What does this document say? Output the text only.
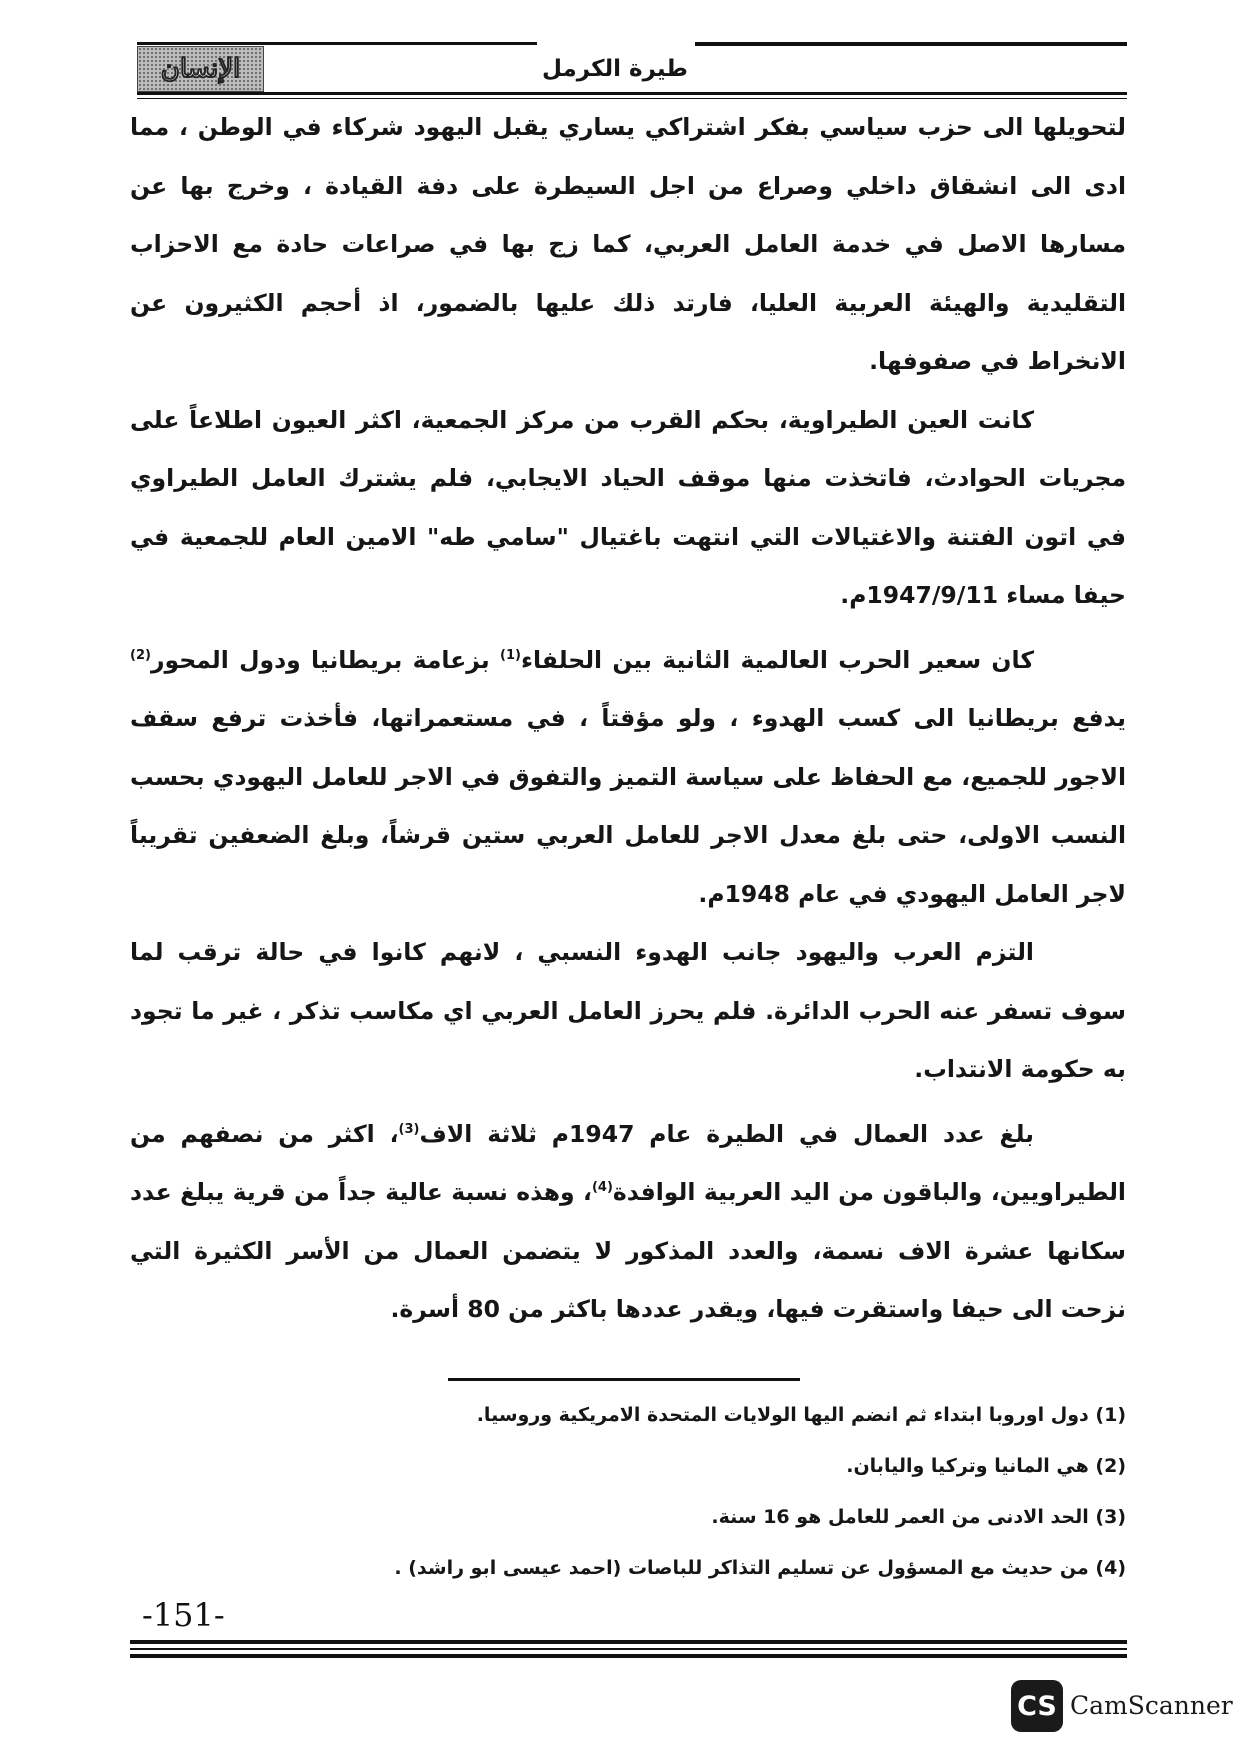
الإنسان	طيرة الكرمل

لتحويلها الى حزب سياسي بفكر اشتراكي يساري يقبل اليهود شركاء في الوطن ، مما ادى الى انشقاق داخلي وصراع من اجل السيطرة على دفة القيادة ، وخرج بها عن مسارها الاصل في خدمة العامل العربي، كما زج بها في صراعات حادة مع الاحزاب التقليدية والهيئة العربية العليا، فارتد ذلك عليها بالضمور، اذ أحجم الكثيرون عن الانخراط في صفوفها.

كانت العين الطيراوية، بحكم القرب من مركز الجمعية، اكثر العيون اطلاعاً على مجريات الحوادث، فاتخذت منها موقف الحياد الايجابي، فلم يشترك العامل الطيراوي في اتون الفتنة والاغتيالات التي انتهت باغتيال "سامي طه" الامين العام للجمعية في حيفا مساء 1947/9/11م.

كان سعير الحرب العالمية الثانية بين الحلفاء$^{(1)}$ بزعامة بريطانيا ودول المحور$^{(2)}$ يدفع بريطانيا الى كسب الهدوء ، ولو مؤقتاً ، في مستعمراتها، فأخذت ترفع سقف الاجور للجميع، مع الحفاظ على سياسة التميز والتفوق في الاجر للعامل اليهودي بحسب النسب الاولى، حتى بلغ معدل الاجر للعامل العربي ستين قرشاً، وبلغ الضعفين تقريباً لاجر العامل اليهودي في عام 1948م.

التزم العرب واليهود جانب الهدوء النسبي ، لانهم كانوا في حالة ترقب لما سوف تسفر عنه الحرب الدائرة. فلم يحرز العامل العربي اي مكاسب تذكر ، غير ما تجود به حكومة الانتداب.

بلغ عدد العمال في الطيرة عام 1947م ثلاثة الاف$^{(3)}$، اكثر من نصفهم من الطيراويين، والباقون من اليد العربية الوافدة$^{(4)}$، وهذه نسبة عالية جداً من قرية يبلغ عدد سكانها عشرة الاف نسمة، والعدد المذكور لا يتضمن العمال من الأسر الكثيرة التي نزحت الى حيفا واستقرت فيها، ويقدر عددها باكثر من 80 أسرة.

(1) دول اوروبا ابتداء ثم انضم اليها الولايات المتحدة الامريكية وروسيا.
(2) هي المانيا وتركيا واليابان.
(3) الحد الادنى من العمر للعامل هو 16 سنة.
(4) من حديث مع المسؤول عن تسليم التذاكر للباصات (احمد عيسى ابو راشد) .
-151-
CS CamScanner
